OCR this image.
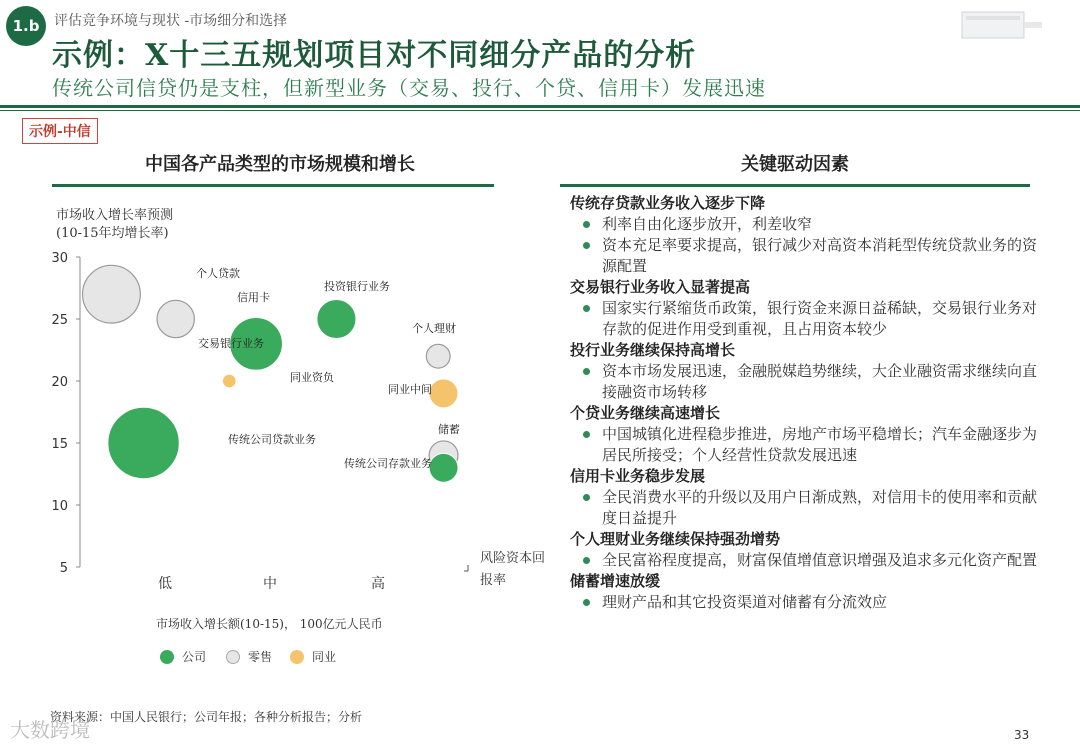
1.b	评估竞争环境与现状 -市场细分和选择
示例：X十三五规划项目对不同细分产品的分析
传统公司信贷仍是支柱，但新型业务（交易、投行、个贷、信用卡）发展迅速
示例-中信
中国各产品类型的市场规模和增长
市场收入增长率预测
(10-15年均增长率)
5
10
15
20
25
30
低	中	高
个人贷款
信用卡
交易银行业务
投资银行业务
个人理财
同业资负
同业中间
传统公司贷款业务
储蓄
传统公司存款业务
风险资本回报率
市场收入增长额(10-15)， 100亿元人民币
公司	零售	同业
关键驱动因素
传统存贷款业务收入逐步下降
利率自由化逐步放开，利差收窄
资本充足率要求提高，银行减少对高资本消耗型传统贷款业务的资源配置
交易银行业务收入显著提高
国家实行紧缩货币政策，银行资金来源日益稀缺，交易银行业务对存款的促进作用受到重视，且占用资本较少
投行业务继续保持高增长
资本市场发展迅速，金融脱媒趋势继续，大企业融资需求继续向直接融资市场转移
个贷业务继续高速增长
中国城镇化进程稳步推进，房地产市场平稳增长；汽车金融逐步为居民所接受；个人经营性贷款发展迅速
信用卡业务稳步发展
全民消费水平的升级以及用户日渐成熟，对信用卡的使用率和贡献度日益提升
个人理财业务继续保持强劲增势
全民富裕程度提高，财富保值增值意识增强及追求多元化资产配置
储蓄增速放缓
理财产品和其它投资渠道对储蓄有分流效应
资料来源：中国人民银行；公司年报；各种分析报告；分析
大数跨境	33
